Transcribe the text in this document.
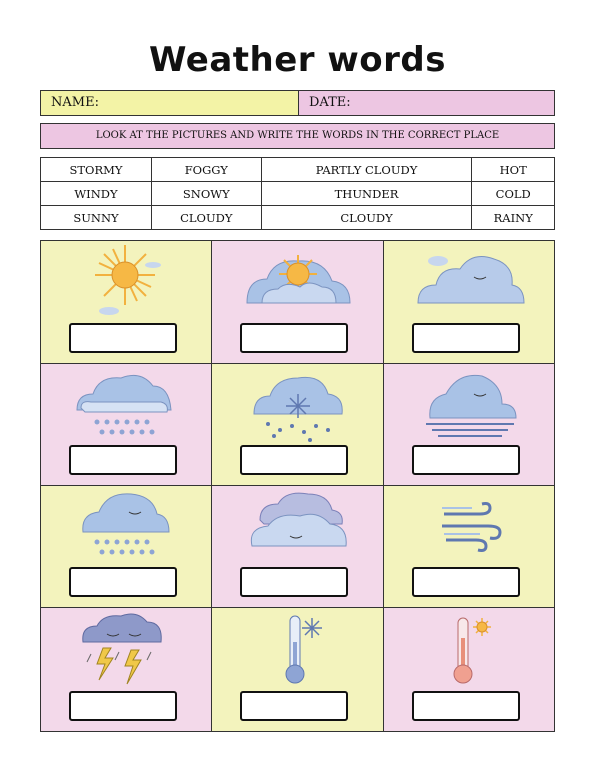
Weather words
NAME:	DATE:
LOOK AT THE PICTURES AND WRITE THE WORDS IN THE CORRECT PLACE
STORMY	FOGGY	PARTLY CLOUDY	HOT
WINDY	SNOWY	THUNDER	COLD
SUNNY	CLOUDY	CLOUDY	RAINY
